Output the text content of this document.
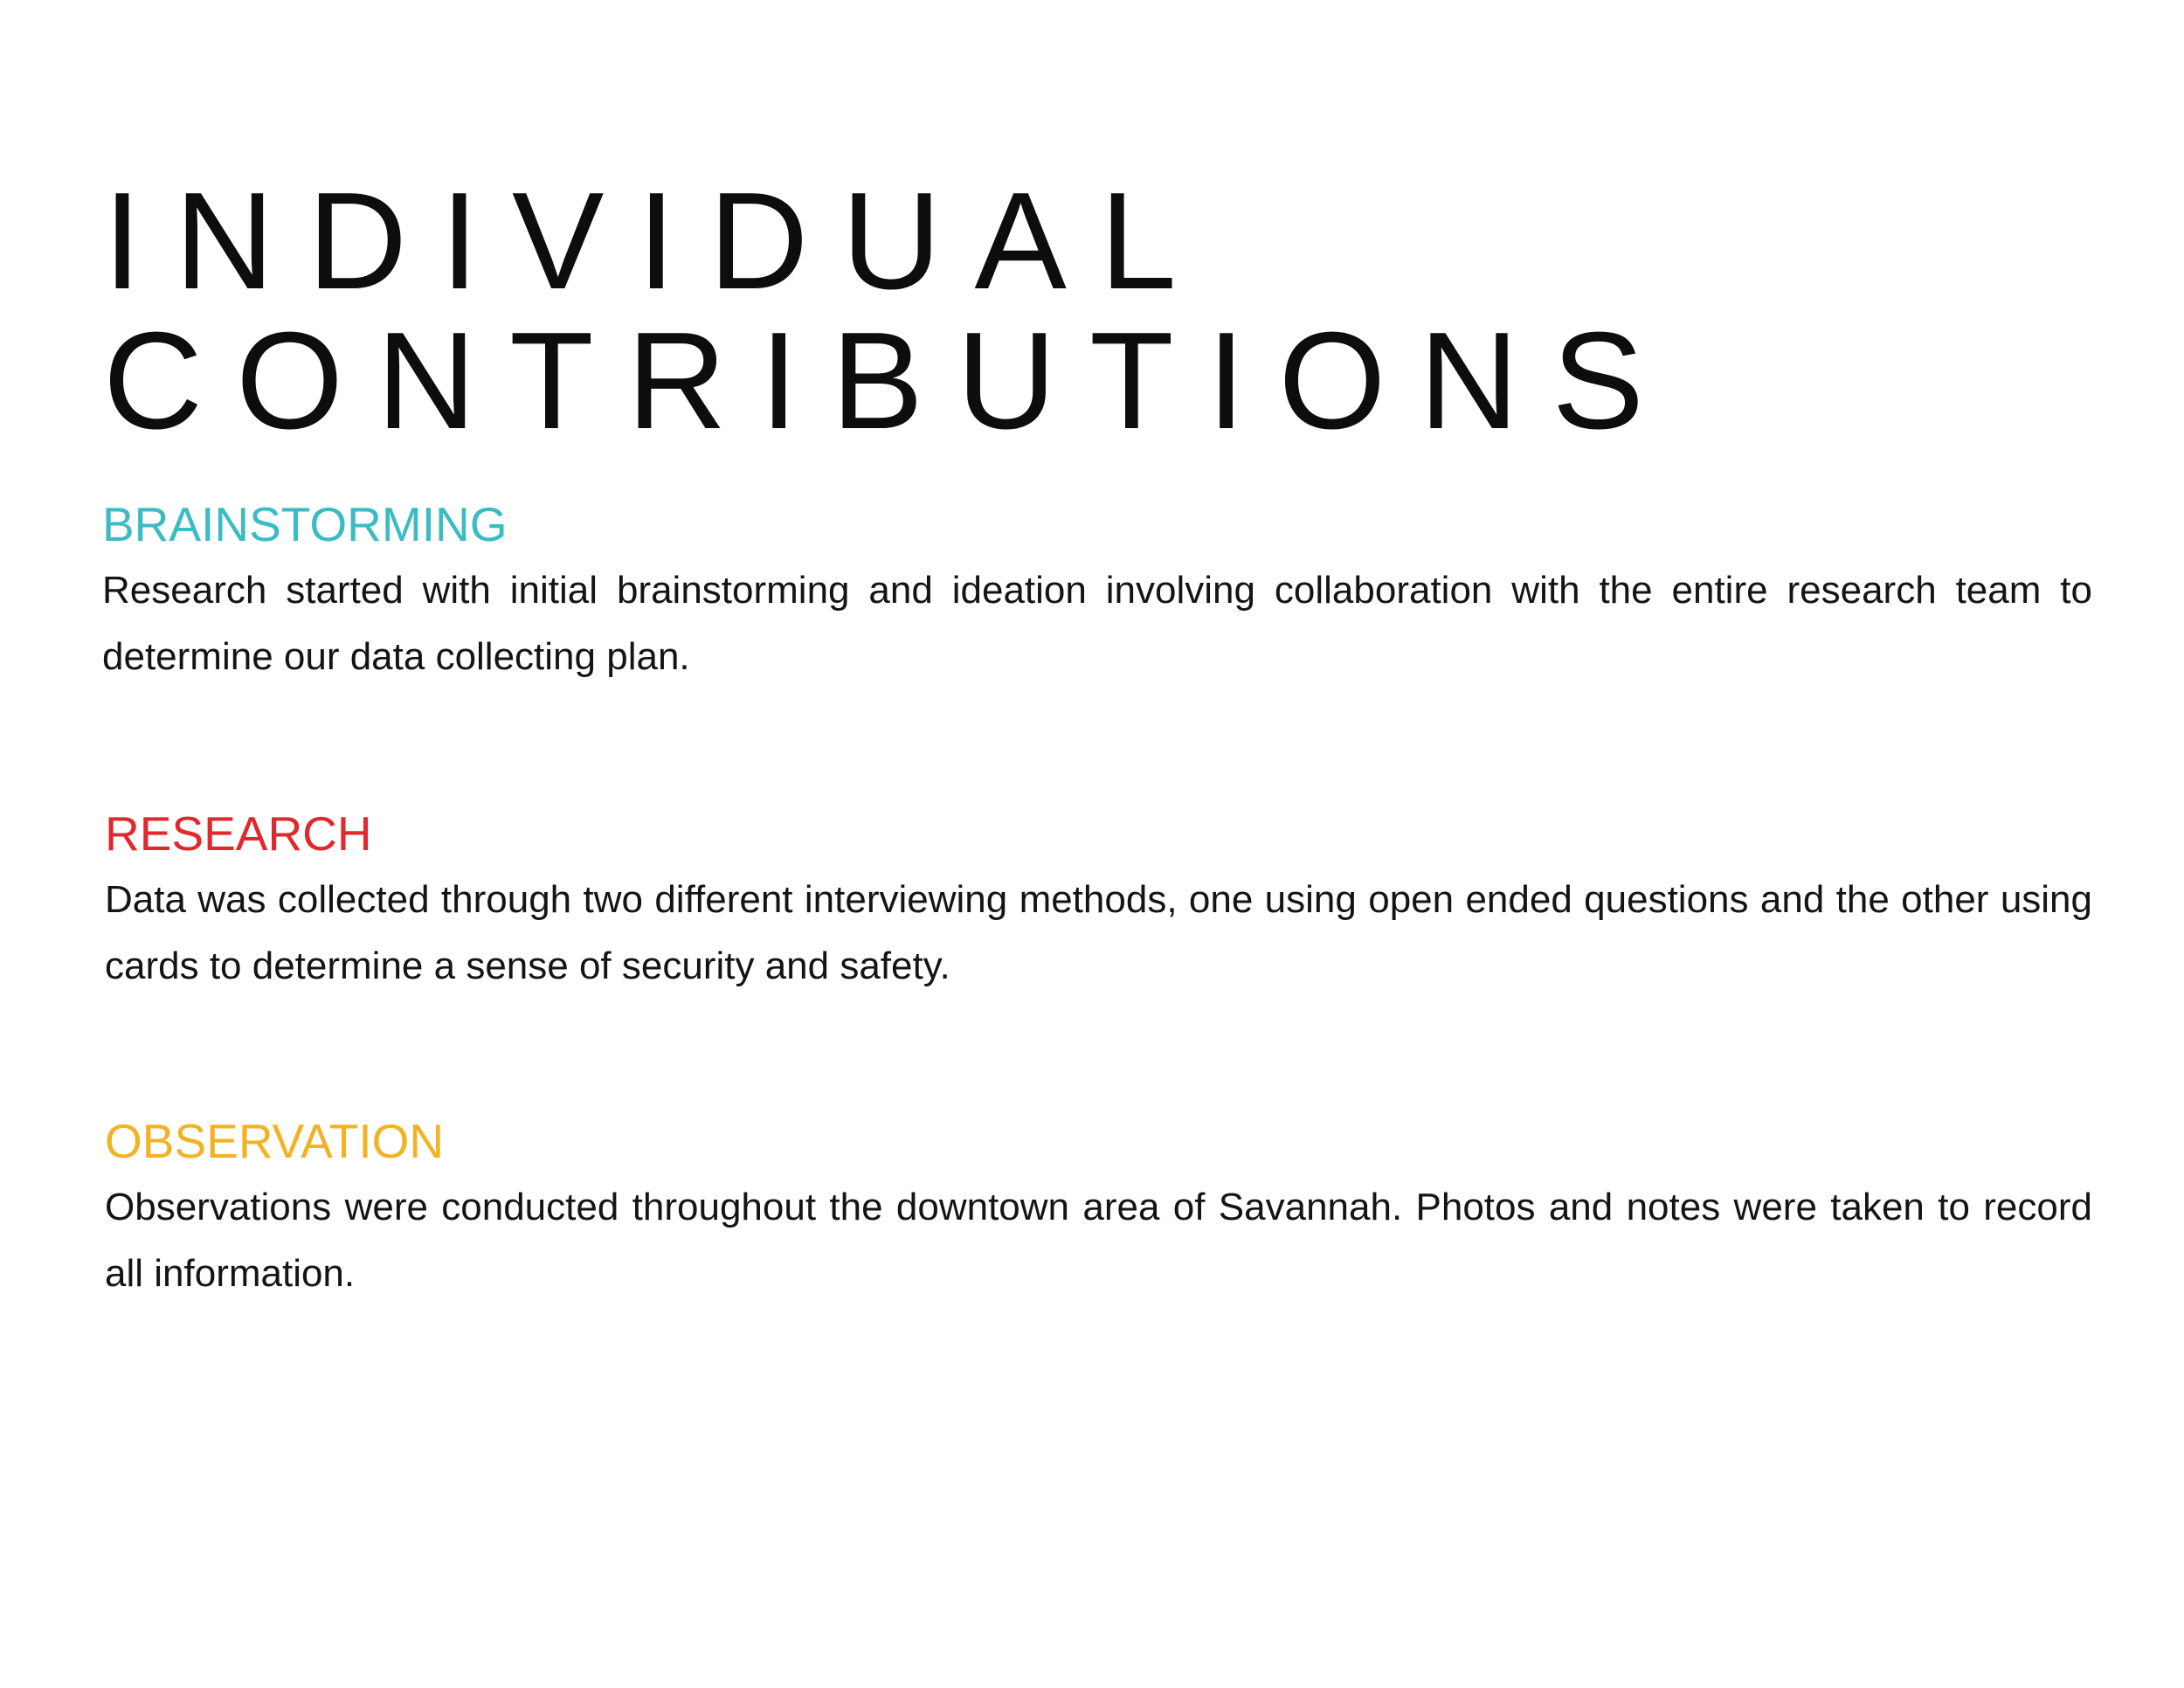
INDIVIDUAL
CONTRIBUTIONS
BRAINSTORMING

Research started with initial brainstorming and ideation involving collaboration with the entire research team to determine our data collecting plan.

RESEARCH

Data was collected through two different interviewing methods, one using open ended questions and the other using cards to determine a sense of security and safety.

OBSERVATION

Observations were conducted throughout the downtown area of Savannah. Photos and notes were taken to record all information.
